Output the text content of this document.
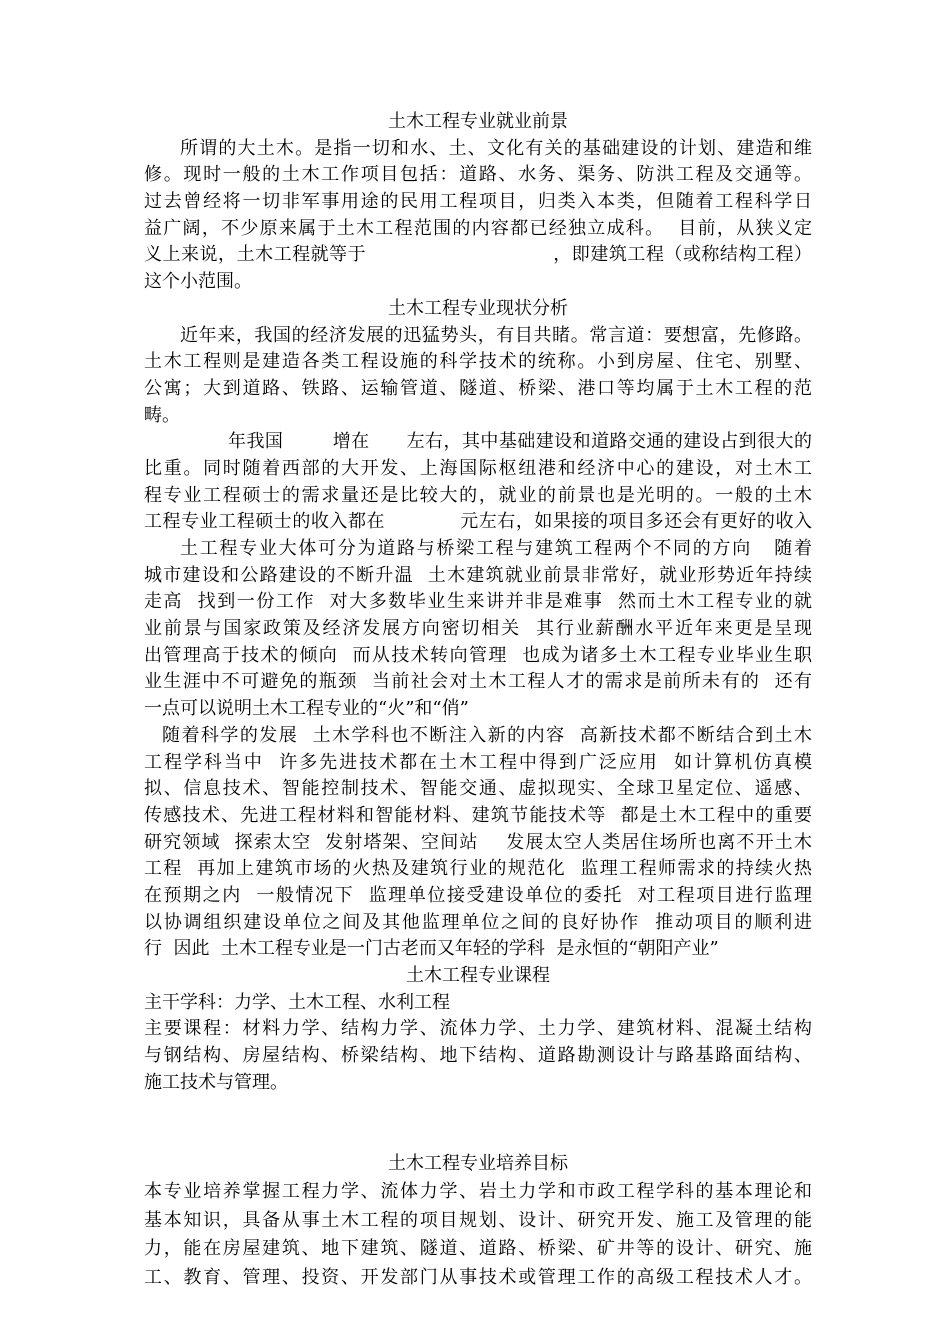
土木工程专业就业前景
所谓的大土木。是指一切和水、土、文化有关的基础建设的计划、建造和维
修。现时一般的土木工作项目包括：道路、水务、渠务、防洪工程及交通等。
过去曾经将一切非军事用途的民用工程项目，归类入本类，但随着工程科学日
益广阔，不少原来属于土木工程范围的内容都已经独立成科。  目前，从狭义定
义上来说，土木工程就等于                              ，即建筑工程（或称结构工程）
这个小范围。
土木工程专业现状分析
近年来，我国的经济发展的迅猛势头，有目共睹。常言道：要想富，先修路。
土木工程则是建造各类工程设施的科学技术的统称。小到房屋、住宅、别墅、
公寓；大到道路、铁路、运输管道、隧道、桥梁、港口等均属于土木工程的范
畴。
年我国        增在      左右，其中基础建设和道路交通的建设占到很大的
比重。同时随着西部的大开发、上海国际枢纽港和经济中心的建设，对土木工
程专业工程硕士的需求量还是比较大的，就业的前景也是光明的。一般的土木
工程专业工程硕士的收入都在            元左右，如果接的项目多还会有更好的收入
土工程专业大体可分为道路与桥梁工程与建筑工程两个不同的方向   随着
城市建设和公路建设的不断升温  土木建筑就业前景非常好，就业形势近年持续
走高  找到一份工作  对大多数毕业生来讲并非是难事  然而土木工程专业的就
业前景与国家政策及经济发展方向密切相关  其行业薪酬水平近年来更是呈现
出管理高于技术的倾向  而从技术转向管理  也成为诸多土木工程专业毕业生职
业生涯中不可避免的瓶颈  当前社会对土木工程人才的需求是前所未有的  还有
一点可以说明土木工程专业的“火”和“俏”
随着科学的发展  土木学科也不断注入新的内容  高新技术都不断结合到土木
工程学科当中  许多先进技术都在土木工程中得到广泛应用  如计算机仿真模
拟、信息技术、智能控制技术、智能交通、虚拟现实、全球卫星定位、遥感、
传感技术、先进工程材料和智能材料、建筑节能技术等  都是土木工程中的重要
研究领域  探索太空  发射塔架、空间站    发展太空人类居住场所也离不开土木
工程  再加上建筑市场的火热及建筑行业的规范化  监理工程师需求的持续火热
在预期之内  一般情况下  监理单位接受建设单位的委托  对工程项目进行监理
以协调组织建设单位之间及其他监理单位之间的良好协作  推动项目的顺利进
行  因此  土木工程专业是一门古老而又年轻的学科  是永恒的“朝阳产业”
土木工程专业课程
主干学科：力学、土木工程、水利工程
主要课程：材料力学、结构力学、流体力学、土力学、建筑材料、混凝土结构
与钢结构、房屋结构、桥梁结构、地下结构、道路勘测设计与路基路面结构、
施工技术与管理。
土木工程专业培养目标
本专业培养掌握工程力学、流体力学、岩土力学和市政工程学科的基本理论和
基本知识，具备从事土木工程的项目规划、设计、研究开发、施工及管理的能
力，能在房屋建筑、地下建筑、隧道、道路、桥梁、矿井等的设计、研究、施
工、教育、管理、投资、开发部门从事技术或管理工作的高级工程技术人才。
